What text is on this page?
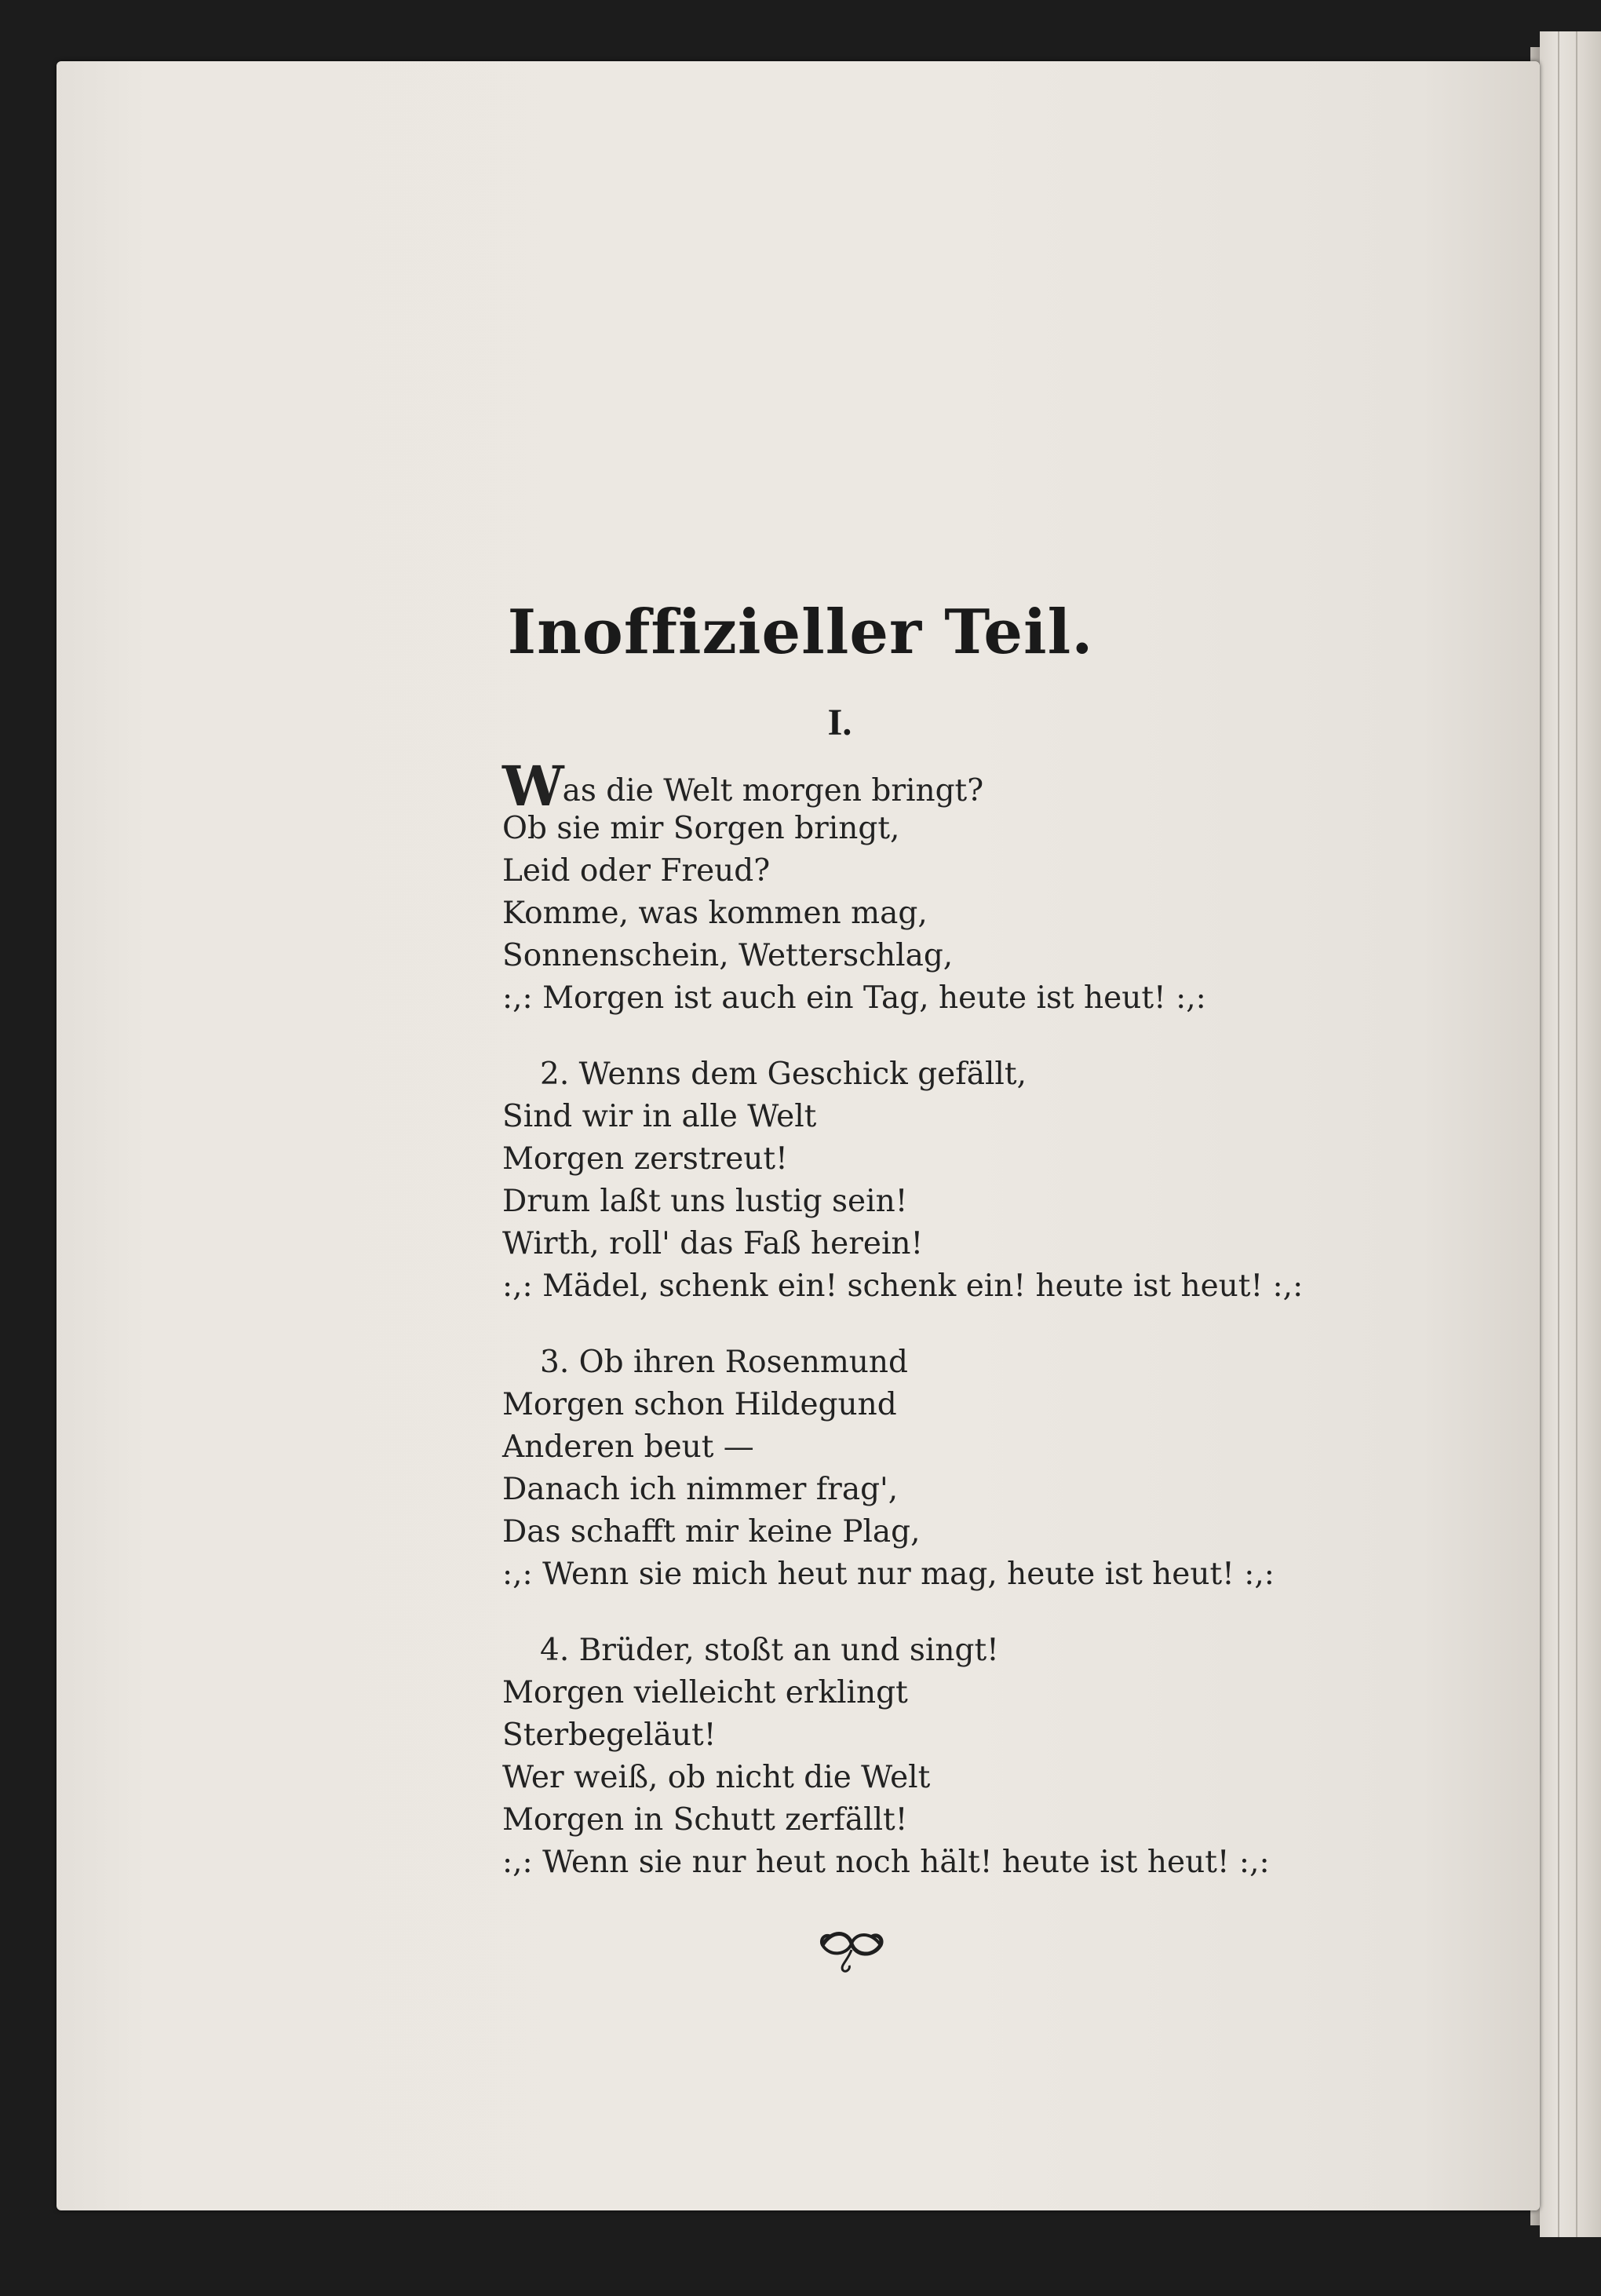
Inoffizieller Teil.
I.
Was die Welt morgen bringt?
Ob sie mir Sorgen bringt,
Leid oder Freud?
Komme, was kommen mag,
Sonnenschein, Wetterschlag,
:,: Morgen ist auch ein Tag, heute ist heut! :,:
2. Wenns dem Geschick gefällt,
Sind wir in alle Welt
Morgen zerstreut!
Drum laßt uns lustig sein!
Wirth, roll' das Faß herein!
:,: Mädel, schenk ein! schenk ein! heute ist heut! :,:
3. Ob ihren Rosenmund
Morgen schon Hildegund
Anderen beut —
Danach ich nimmer frag',
Das schafft mir keine Plag,
:,: Wenn sie mich heut nur mag, heute ist heut! :,:
4. Brüder, stoßt an und singt!
Morgen vielleicht erklingt
Sterbegeläut!
Wer weiß, ob nicht die Welt
Morgen in Schutt zerfällt!
:,: Wenn sie nur heut noch hält! heute ist heut! :,:
